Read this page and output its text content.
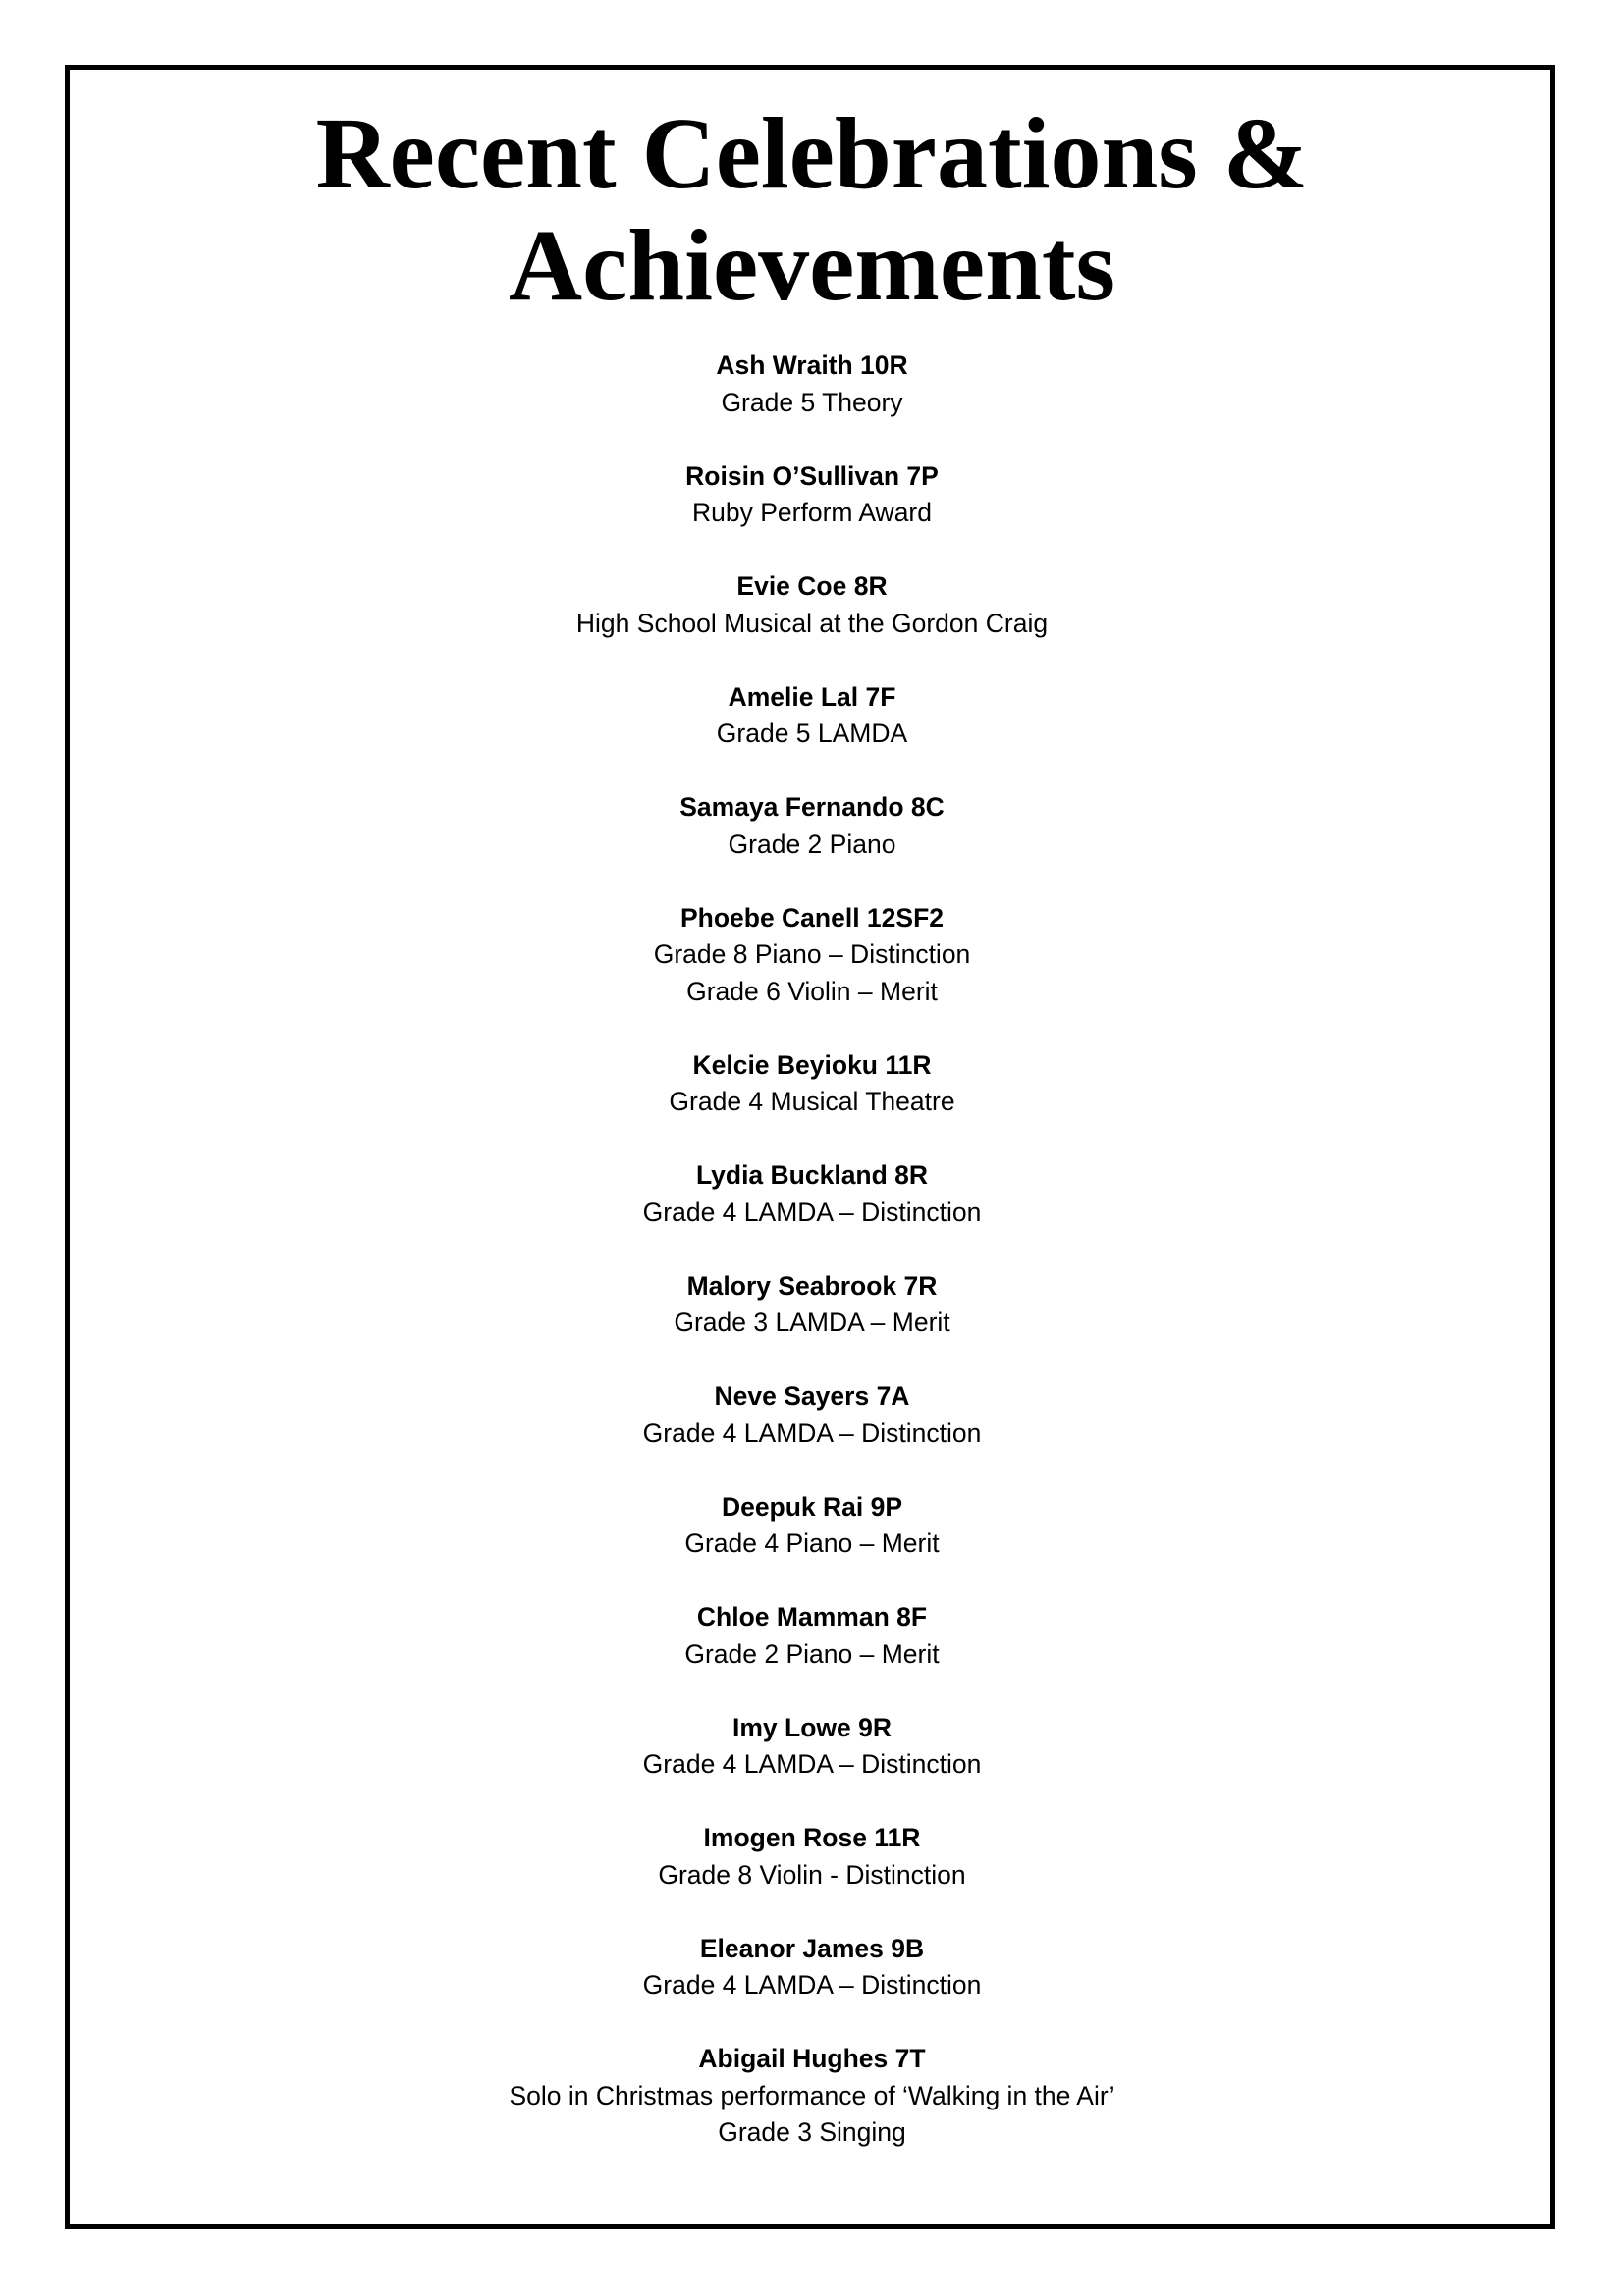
Recent Celebrations &
Achievements
Ash Wraith 10R
Grade 5 Theory
Roisin O’Sullivan 7P
Ruby Perform Award
Evie Coe 8R
High School Musical at the Gordon Craig
Amelie Lal 7F
Grade 5 LAMDA
Samaya Fernando 8C
Grade 2 Piano
Phoebe Canell 12SF2
Grade 8 Piano – Distinction
Grade 6 Violin – Merit
Kelcie Beyioku 11R
Grade 4 Musical Theatre
Lydia Buckland 8R
Grade 4 LAMDA – Distinction
Malory Seabrook 7R
Grade 3 LAMDA – Merit
Neve Sayers 7A
Grade 4 LAMDA – Distinction
Deepuk Rai 9P
Grade 4 Piano – Merit
Chloe Mamman 8F
Grade 2 Piano – Merit
Imy Lowe 9R
Grade 4 LAMDA – Distinction
Imogen Rose 11R
Grade 8 Violin - Distinction
Eleanor James 9B
Grade 4 LAMDA – Distinction
Abigail Hughes 7T
Solo in Christmas performance of ‘Walking in the Air’
Grade 3 Singing
